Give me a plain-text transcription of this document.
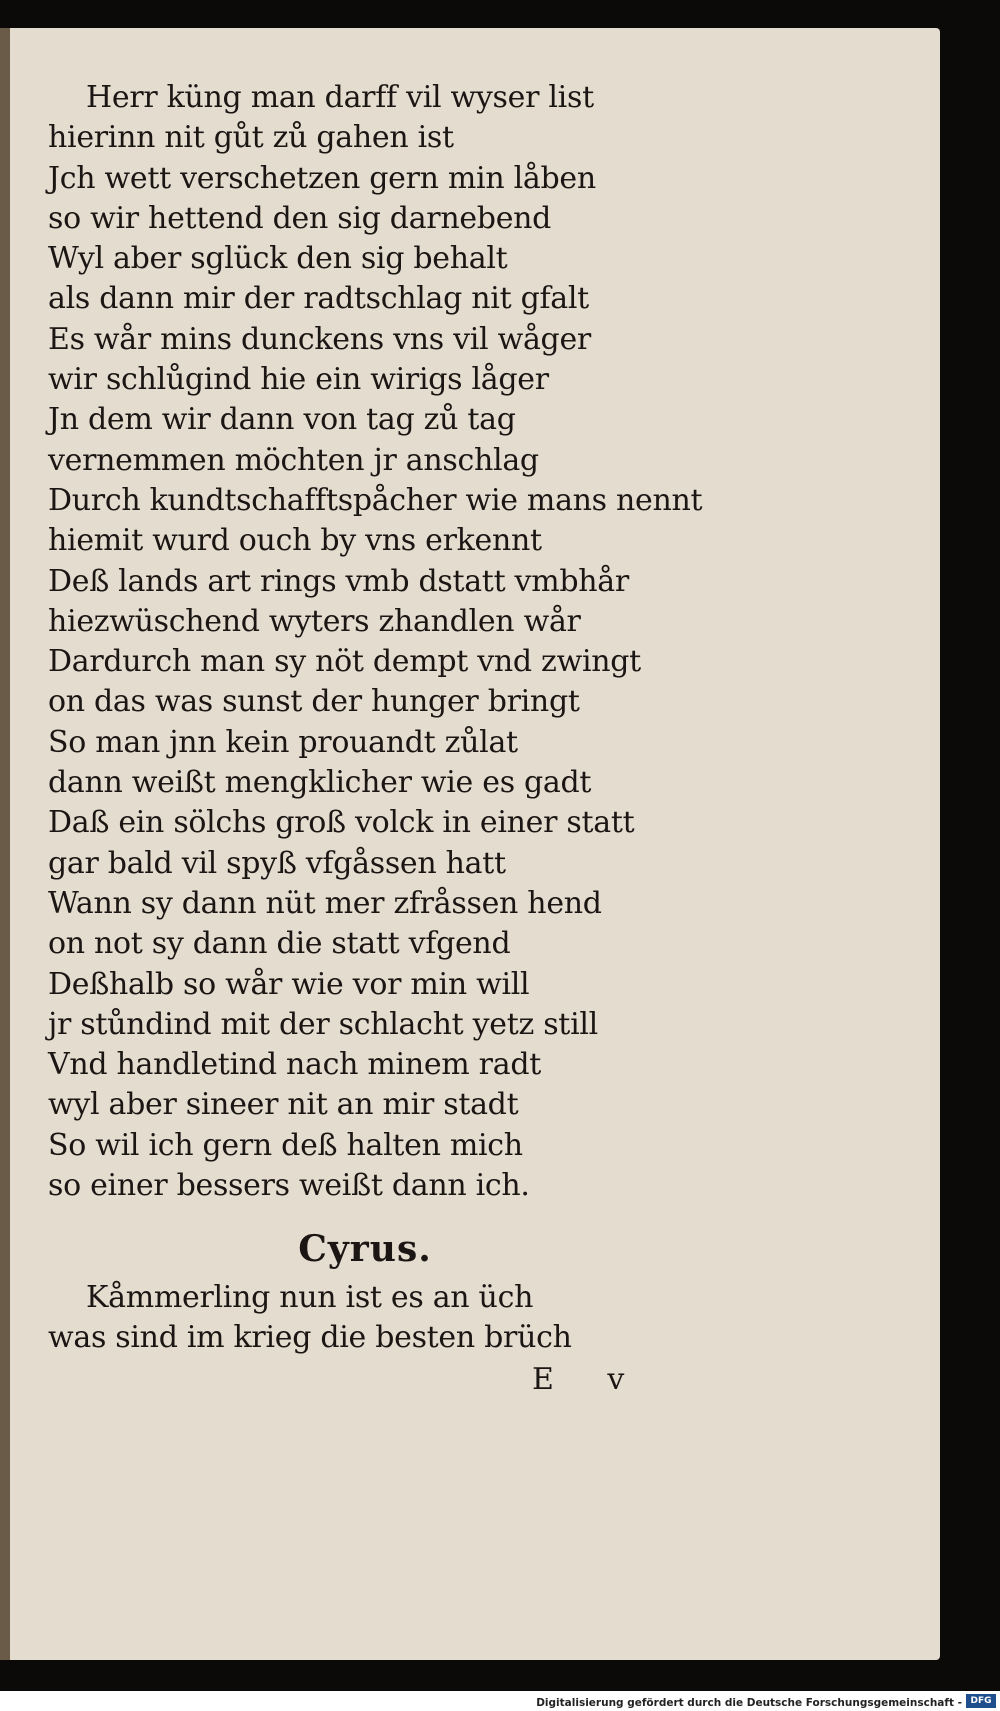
Herr küng man darff vil wyser list
hierinn nit gůt zů gahen ist
Jch wett verschetzen gern min låben
so wir hettend den sig darnebend
Wyl aber sglück den sig behalt
als dann mir der radtschlag nit gfalt
Es wår mins dunckens vns vil wåger
wir schlůgind hie ein wirigs låger
Jn dem wir dann von tag zů tag
vernemmen möchten jr anschlag
Durch kundtschafftspåcher wie mans nennt
hiemit wurd ouch by vns erkennt
Deß lands art rings vmb dstatt vmbhår
hiezwüschend wyters zhandlen wår
Dardurch man sy nöt dempt vnd zwingt
on das was sunst der hunger bringt
So man jnn kein prouandt zůlat
dann weißt mengklicher wie es gadt
Daß ein sölchs groß volck in einer statt
gar bald vil spyß vfgåssen hatt
Wann sy dann nüt mer zfråssen hend
on not sy dann die statt vfgend
Deßhalb so wår wie vor min will
jr stůndind mit der schlacht yetz still
Vnd handletind nach minem radt
wyl aber sineer nit an mir stadt
So wil ich gern deß halten mich
so einer bessers weißt dann ich.
Cyrus.
Kåmmerling nun ist es an üch
was sind im krieg die besten brüch
E v
Digitalisierung gefördert durch die Deutsche Forschungsgemeinschaft - DFG
